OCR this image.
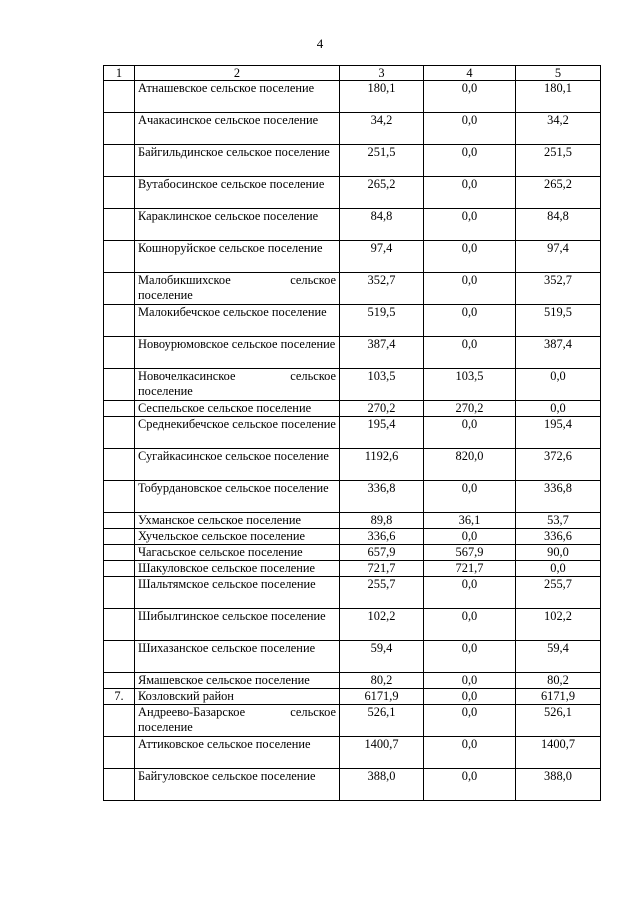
4
1	2	3	4	5
	Атнашевское сельское поселение	180,1	0,0	180,1
	Ачакасинское сельское поселение	34,2	0,0	34,2
	Байгильдинское сельское поселение	251,5	0,0	251,5
	Вутабосинское сельское поселение	265,2	0,0	265,2
	Караклинское сельское поселение	84,8	0,0	84,8
	Кошноруйское сельское поселение	97,4	0,0	97,4
	Малобикшихское сельское поселение	352,7	0,0	352,7
	Малокибечское сельское поселение	519,5	0,0	519,5
	Новоурюмовское сельское поселение	387,4	0,0	387,4
	Новочелкасинское сельское поселение	103,5	103,5	0,0
	Сеспельское сельское поселение	270,2	270,2	0,0
	Среднекибечское сельское поселение	195,4	0,0	195,4
	Сугайкасинское сельское поселение	1192,6	820,0	372,6
	Тобурдановское сельское поселение	336,8	0,0	336,8
	Ухманское сельское поселение	89,8	36,1	53,7
	Хучельское сельское поселение	336,6	0,0	336,6
	Чагасьское сельское поселение	657,9	567,9	90,0
	Шакуловское сельское поселение	721,7	721,7	0,0
	Шальтямское сельское поселение	255,7	0,0	255,7
	Шибылгинское сельское поселение	102,2	0,0	102,2
	Шихазанское сельское поселение	59,4	0,0	59,4
	Ямашевское сельское поселение	80,2	0,0	80,2
7.	Козловский район	6171,9	0,0	6171,9
	Андреево-Базарское сельское поселение	526,1	0,0	526,1
	Аттиковское сельское поселение	1400,7	0,0	1400,7
	Байгуловское сельское поселение	388,0	0,0	388,0
